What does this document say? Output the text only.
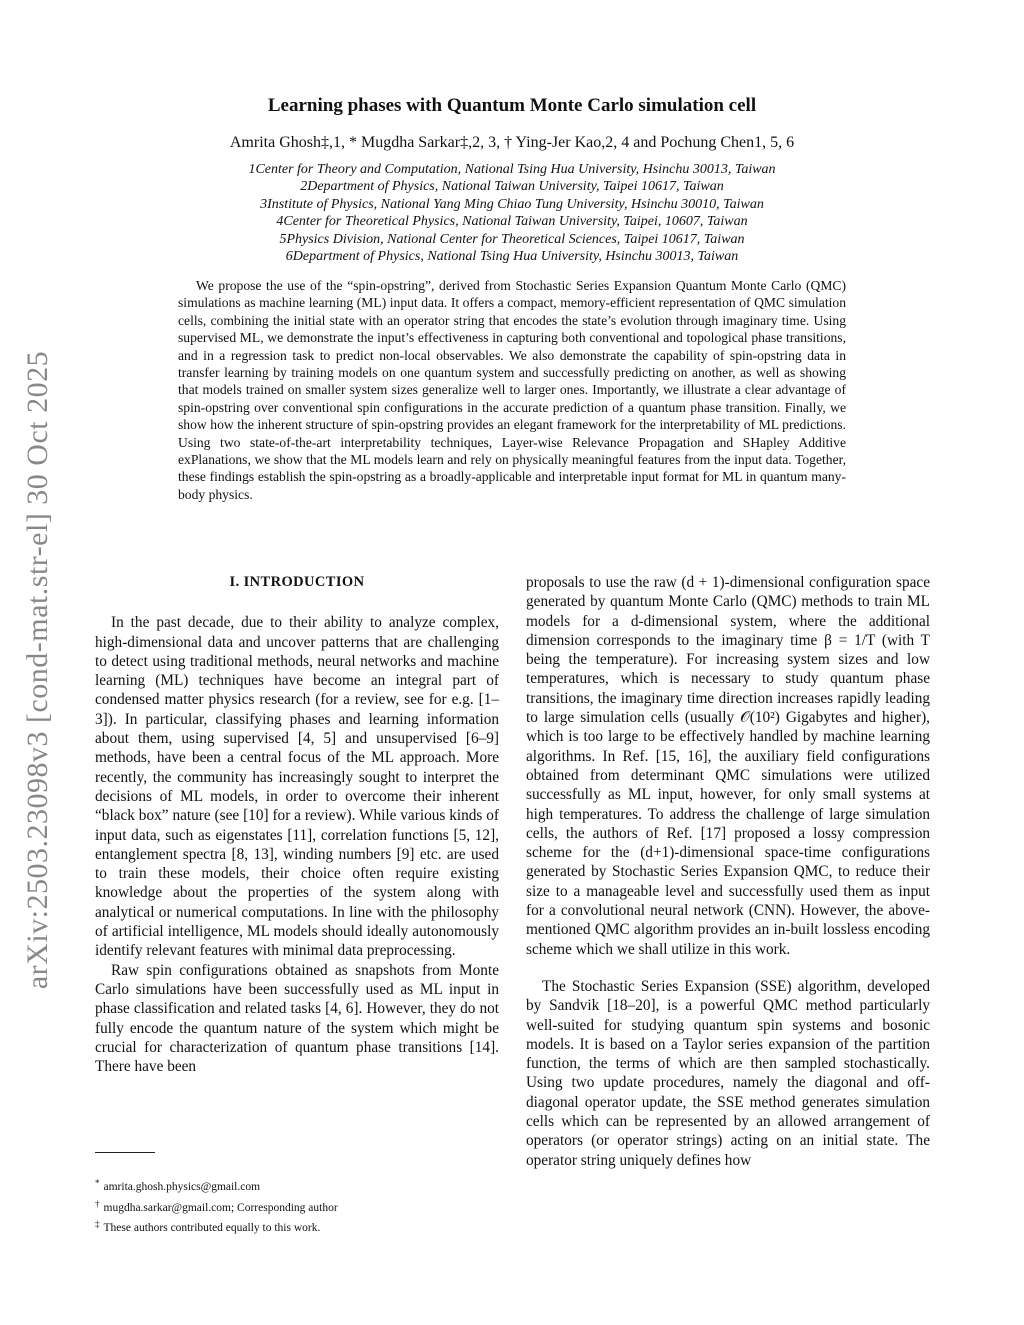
arXiv:2503.23098v3 [cond-mat.str-el] 30 Oct 2025
Learning phases with Quantum Monte Carlo simulation cell
Amrita Ghosh‡,1, * Mugdha Sarkar‡,2, 3, † Ying-Jer Kao,2, 4 and Pochung Chen1, 5, 6
1Center for Theory and Computation, National Tsing Hua University, Hsinchu 30013, Taiwan
2Department of Physics, National Taiwan University, Taipei 10617, Taiwan
3Institute of Physics, National Yang Ming Chiao Tung University, Hsinchu 30010, Taiwan
4Center for Theoretical Physics, National Taiwan University, Taipei, 10607, Taiwan
5Physics Division, National Center for Theoretical Sciences, Taipei 10617, Taiwan
6Department of Physics, National Tsing Hua University, Hsinchu 30013, Taiwan
We propose the use of the “spin-opstring”, derived from Stochastic Series Expansion Quantum Monte Carlo (QMC) simulations as machine learning (ML) input data. It offers a compact, memory-efficient representation of QMC simulation cells, combining the initial state with an operator string that encodes the state’s evolution through imaginary time. Using supervised ML, we demonstrate the input’s effectiveness in capturing both conventional and topological phase transitions, and in a regression task to predict non-local observables. We also demonstrate the capability of spin-opstring data in transfer learning by training models on one quantum system and successfully predicting on another, as well as showing that models trained on smaller system sizes generalize well to larger ones. Importantly, we illustrate a clear advantage of spin-opstring over conventional spin configurations in the accurate prediction of a quantum phase transition. Finally, we show how the inherent structure of spin-opstring provides an elegant framework for the interpretability of ML predictions. Using two state-of-the-art interpretability techniques, Layer-wise Relevance Propagation and SHapley Additive exPlanations, we show that the ML models learn and rely on physically meaningful features from the input data. Together, these findings establish the spin-opstring as a broadly-applicable and interpretable input format for ML in quantum many-body physics.
I. INTRODUCTION

In the past decade, due to their ability to analyze complex, high-dimensional data and uncover patterns that are challenging to detect using traditional methods, neural networks and machine learning (ML) techniques have become an integral part of condensed matter physics research (for a review, see for e.g. [1–3]). In particular, classifying phases and learning information about them, using supervised [4, 5] and unsupervised [6–9] methods, have been a central focus of the ML approach. More recently, the community has increasingly sought to interpret the decisions of ML models, in order to overcome their inherent “black box” nature (see [10] for a review). While various kinds of input data, such as eigenstates [11], correlation functions [5, 12], entanglement spectra [8, 13], winding numbers [9] etc. are used to train these models, their choice often require existing knowledge about the properties of the system along with analytical or numerical computations. In line with the philosophy of artificial intelligence, ML models should ideally autonomously identify relevant features with minimal data preprocessing.

Raw spin configurations obtained as snapshots from Monte Carlo simulations have been successfully used as ML input in phase classification and related tasks [4, 6]. However, they do not fully encode the quantum nature of the system which might be crucial for characterization of quantum phase transitions [14]. There have been

proposals to use the raw (d + 1)-dimensional configuration space generated by quantum Monte Carlo (QMC) methods to train ML models for a d-dimensional system, where the additional dimension corresponds to the imaginary time β = 1/T (with T being the temperature). For increasing system sizes and low temperatures, which is necessary to study quantum phase transitions, the imaginary time direction increases rapidly leading to large simulation cells (usually 𝒪(10²) Gigabytes and higher), which is too large to be effectively handled by machine learning algorithms. In Ref. [15, 16], the auxiliary field configurations obtained from determinant QMC simulations were utilized successfully as ML input, however, for only small systems at high temperatures. To address the challenge of large simulation cells, the authors of Ref. [17] proposed a lossy compression scheme for the (d+1)-dimensional space-time configurations generated by Stochastic Series Expansion QMC, to reduce their size to a manageable level and successfully used them as input for a convolutional neural network (CNN). However, the above-mentioned QMC algorithm provides an in-built lossless encoding scheme which we shall utilize in this work.

The Stochastic Series Expansion (SSE) algorithm, developed by Sandvik [18–20], is a powerful QMC method particularly well-suited for studying quantum spin systems and bosonic models. It is based on a Taylor series expansion of the partition function, the terms of which are then sampled stochastically. Using two update procedures, namely the diagonal and off-diagonal operator update, the SSE method generates simulation cells which can be represented by an allowed arrangement of operators (or operator strings) acting on an initial state. The operator string uniquely defines how

* amrita.ghosh.physics@gmail.com
† mugdha.sarkar@gmail.com; Corresponding author
‡ These authors contributed equally to this work.
